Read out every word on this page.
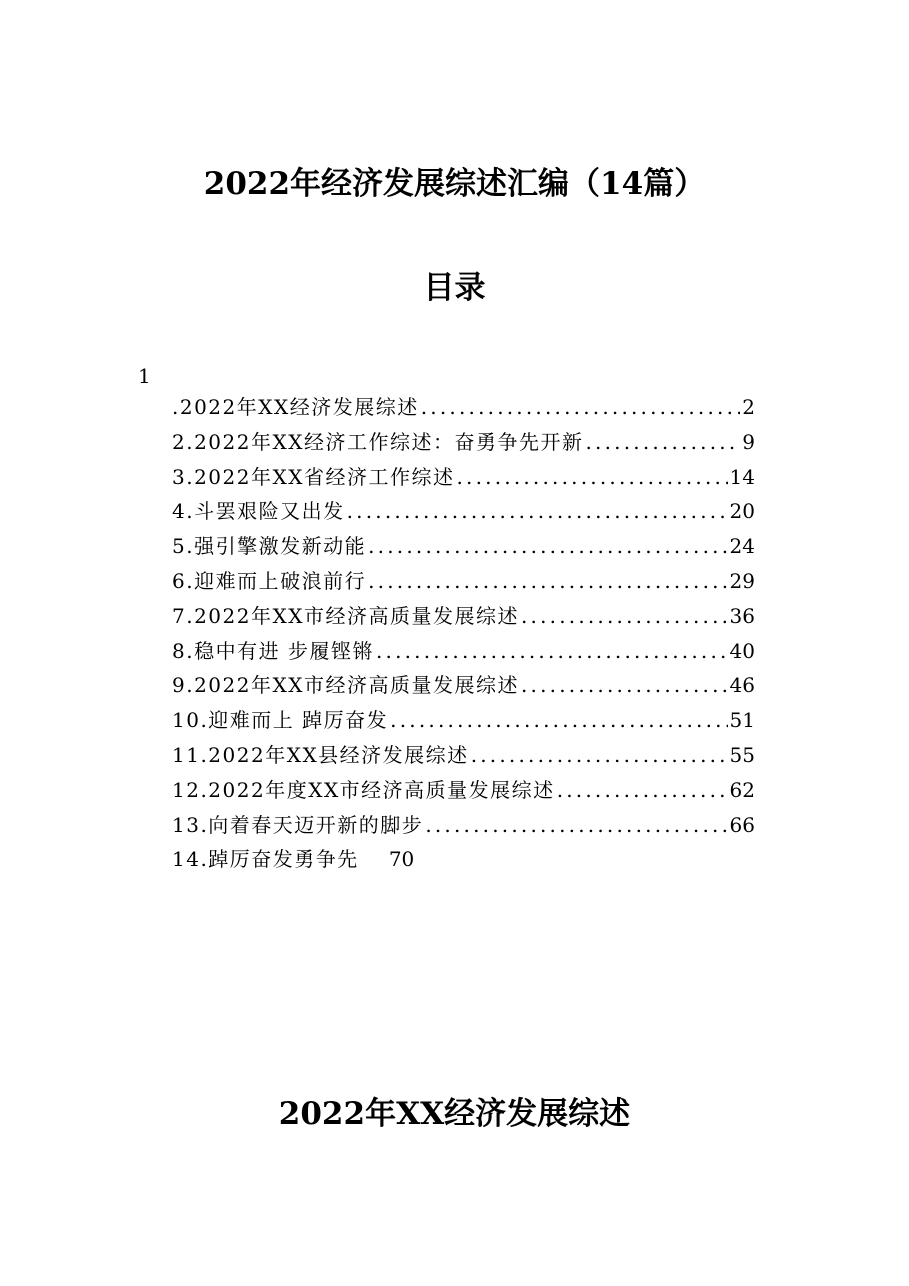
2022年经济发展综述汇编（14篇）
目录
1
.2022年XX经济发展综述 .....	2
2.2022年XX经济工作综述：奋勇争先开新 .....	9
3.2022年XX省经济工作综述 .....	14
4.斗罢艰险又出发 .....	20
5.强引擎激发新动能 .....	24
6.迎难而上破浪前行 .....	29
7.2022年XX市经济高质量发展综述 .....	36
8.稳中有进 步履铿锵 .....	40
9.2022年XX市经济高质量发展综述 .....	46
10.迎难而上 踔厉奋发 .....	51
11.2022年XX县经济发展综述 .....	55
12.2022年度XX市经济高质量发展综述 .....	62
13.向着春天迈开新的脚步 .....	66
14.踔厉奋发勇争先 70
2022年XX经济发展综述
